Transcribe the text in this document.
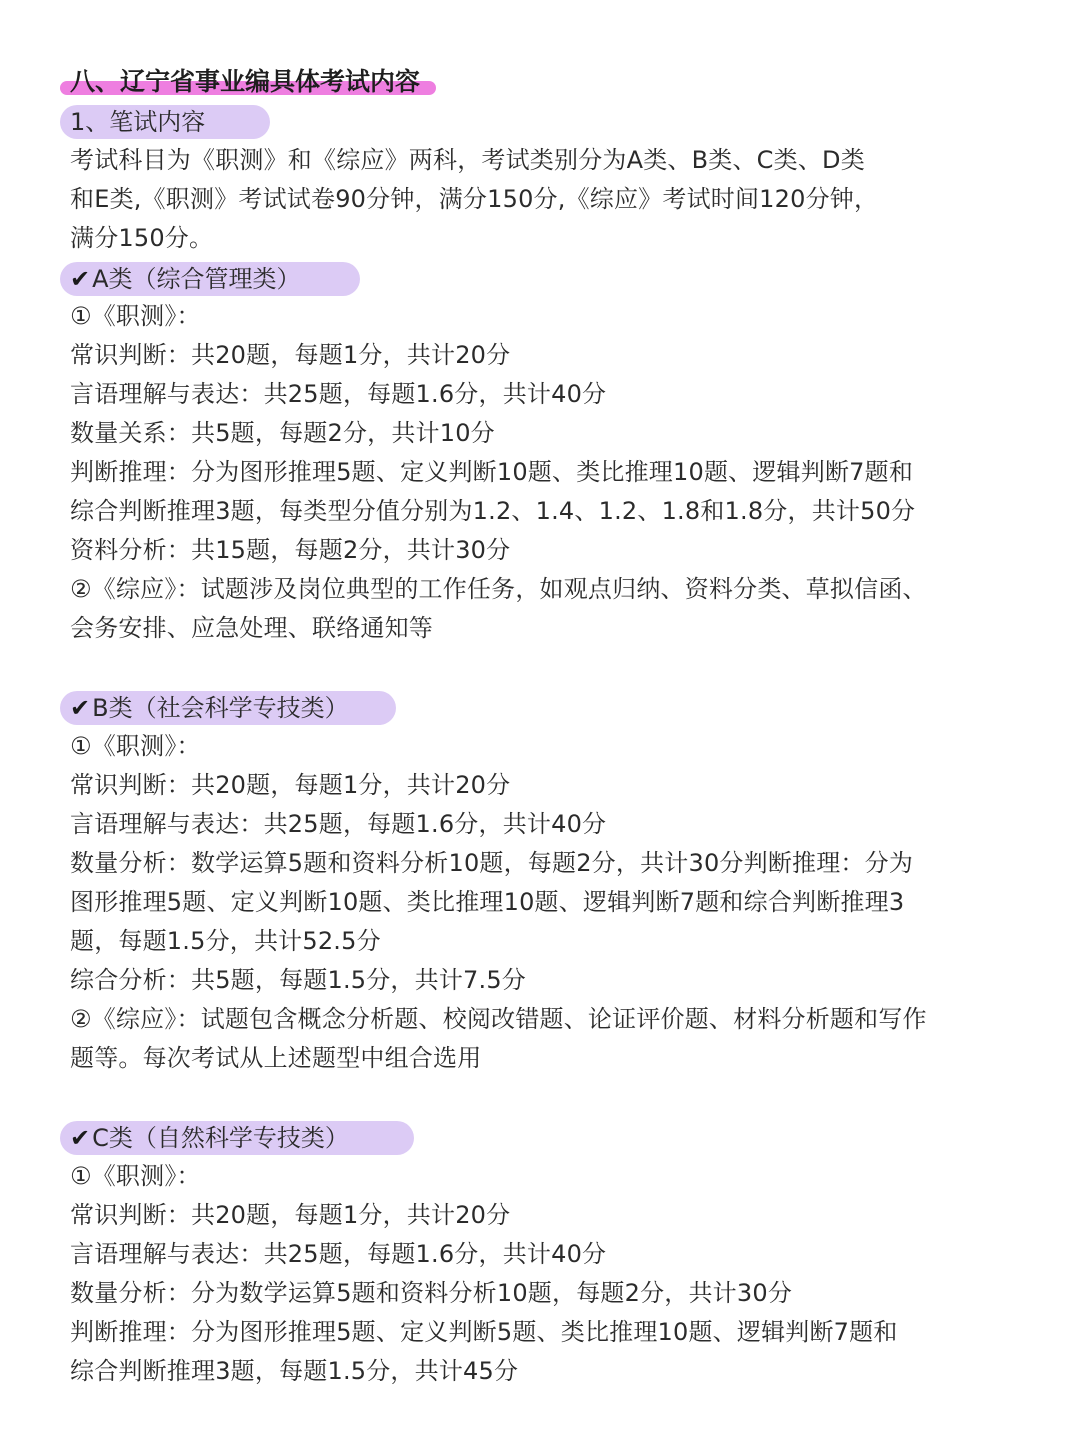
八、辽宁省事业编具体考试内容
1、笔试内容
考试科目为《职测》和《综应》两科，考试类别分为A类、B类、C类、D类
和E类,《职测》考试试卷90分钟，满分150分,《综应》考试时间120分钟，
满分150分。
✔A类（综合管理类）
①《职测》：
常识判断：共20题，每题1分，共计20分
言语理解与表达：共25题，每题1.6分，共计40分
数量关系：共5题，每题2分，共计10分
判断推理：分为图形推理5题、定义判断10题、类比推理10题、逻辑判断7题和
综合判断推理3题，每类型分值分别为1.2、1.4、1.2、1.8和1.8分，共计50分
资料分析：共15题，每题2分，共计30分
②《综应》：试题涉及岗位典型的工作任务，如观点归纳、资料分类、草拟信函、
会务安排、应急处理、联络通知等
✔B类（社会科学专技类）
①《职测》：
常识判断：共20题，每题1分，共计20分
言语理解与表达：共25题，每题1.6分，共计40分
数量分析：数学运算5题和资料分析10题，每题2分，共计30分判断推理：分为
图形推理5题、定义判断10题、类比推理10题、逻辑判断7题和综合判断推理3
题，每题1.5分，共计52.5分
综合分析：共5题，每题1.5分，共计7.5分
②《综应》：试题包含概念分析题、校阅改错题、论证评价题、材料分析题和写作
题等。每次考试从上述题型中组合选用
✔C类（自然科学专技类）
①《职测》：
常识判断：共20题，每题1分，共计20分
言语理解与表达：共25题，每题1.6分，共计40分
数量分析：分为数学运算5题和资料分析10题，每题2分，共计30分
判断推理：分为图形推理5题、定义判断5题、类比推理10题、逻辑判断7题和
综合判断推理3题，每题1.5分，共计45分
